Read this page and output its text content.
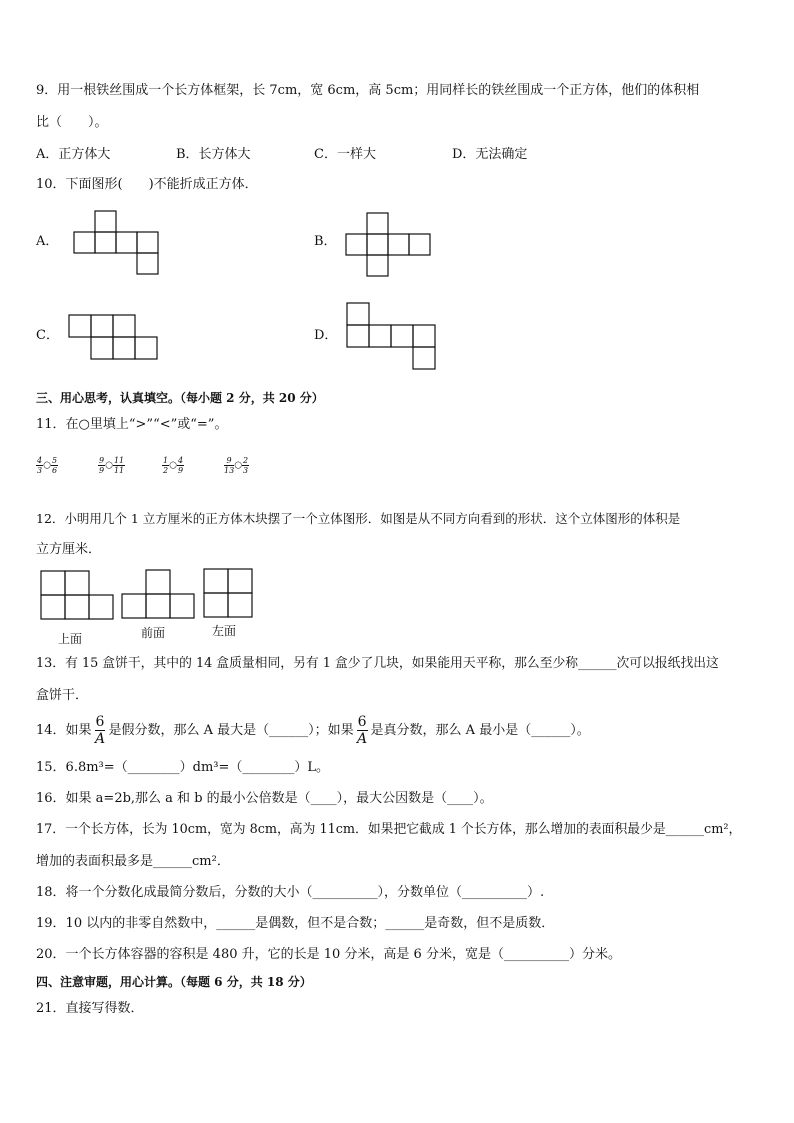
9．用一根铁丝围成一个长方体框架，长 7cm，宽 6cm，高 5cm；用同样长的铁丝围成一个正方体，他们的体积相
比（　　）。
A．正方体大	B．长方体大	C．一样大	D．无法确定
10．下面图形(　　)不能折成正方体．
A．	B．
C．	D．
三、用心思考，认真填空。（每小题 2 分，共 20 分）
11．在○里填上“>”“<”或“=”。
$\frac{4}{3}$ ○ $\frac{5}{6}$	$\frac{9}{9}$ ○ $\frac{11}{11}$	$\frac{1}{2}$ ○ $\frac{4}{9}$	$\frac{9}{13}$ ○ $\frac{2}{3}$
12．小明用几个 1 立方厘米的正方体木块摆了一个立体图形．如图是从不同方向看到的形状．这个立体图形的体积是
立方厘米．
上面	前面	左面
13．有 15 盒饼干，其中的 14 盒质量相同，另有 1 盒少了几块，如果能用天平称，那么至少称______次可以报纸找出这
盒饼干．
14．如果 $\frac{6}{A}$ 是假分数，那么 A 最大是（______）；如果 $\frac{6}{A}$ 是真分数，那么 A 最小是（______）。
15．6.8m³=（________）dm³=（________）L。
16．如果 a=2b,那么 a 和 b 的最小公倍数是（____），最大公因数是（____）。
17．一个长方体，长为 10cm，宽为 8cm，高为 11cm．如果把它截成 1 个长方体，那么增加的表面积最少是______cm²，
增加的表面积最多是______cm²．
18．将一个分数化成最简分数后，分数的大小（__________），分数单位（__________）.
19．10 以内的非零自然数中，______是偶数，但不是合数；______是奇数，但不是质数．
20．一个长方体容器的容积是 480 升，它的长是 10 分米，高是 6 分米，宽是（__________）分米。
四、注意审题，用心计算。（每题 6 分，共 18 分）
21．直接写得数．
